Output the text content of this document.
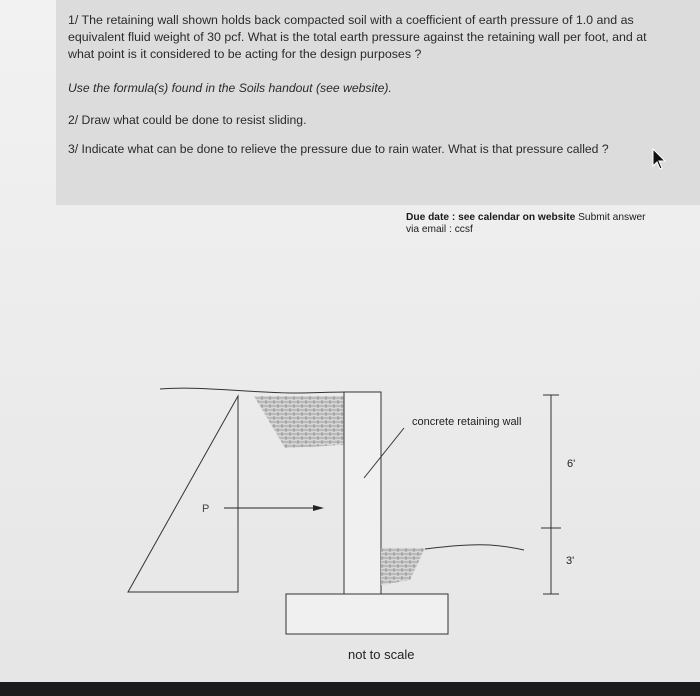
1/ The retaining wall shown holds back compacted soil with a coefficient of earth pressure of 1.0 and as equivalent fluid weight of 30 pcf. What is the total earth pressure against the retaining wall per foot, and at what point is it considered to be acting for the design purposes ?
Use the formula(s) found in the Soils handout (see website).
2/ Draw what could be done to resist sliding.
3/ Indicate what can be done to relieve the pressure due to rain water. What is that pressure called ?
Due date : see calendar on website Submit answer via email : ccsf
P
concrete retaining wall
6'
3'
not to scale
